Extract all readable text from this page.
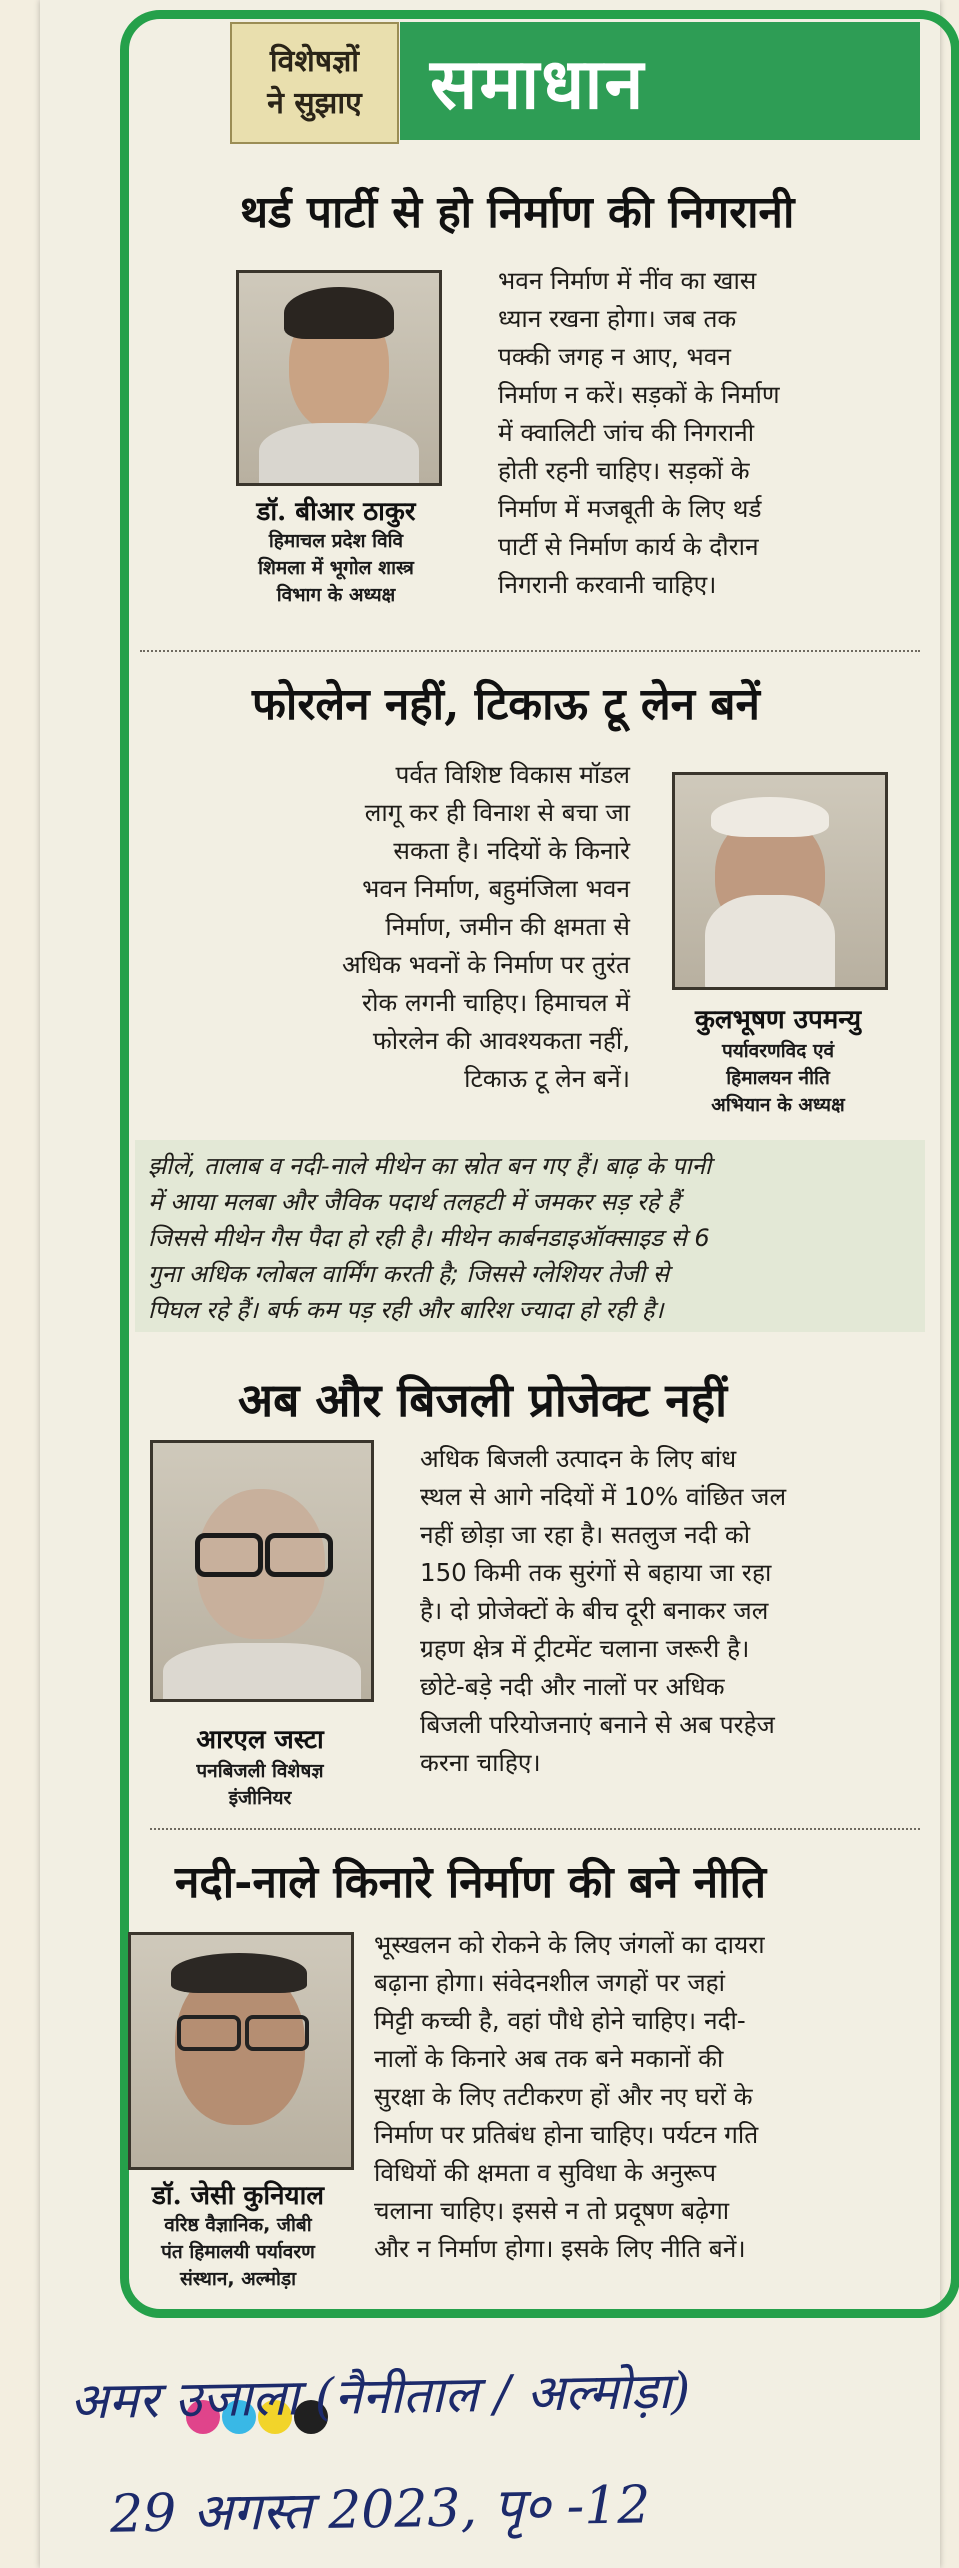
विशेषज्ञों
ने सुझाए समाधान
थर्ड पार्टी से हो निर्माण की निगरानी
डॉ. बीआर ठाकुर
हिमाचल प्रदेश विवि
शिमला में भूगोल शास्त्र
विभाग के अध्यक्ष
भवन निर्माण में नींव का खास
ध्यान रखना होगा। जब तक
पक्की जगह न आए, भवन
निर्माण न करें। सड़कों के निर्माण
में क्वालिटी जांच की निगरानी
होती रहनी चाहिए। सड़कों के
निर्माण में मजबूती के लिए थर्ड
पार्टी से निर्माण कार्य के दौरान
निगरानी करवानी चाहिए।
फोरलेन नहीं, टिकाऊ टू लेन बनें
पर्वत विशिष्ट विकास मॉडल
लागू कर ही विनाश से बचा जा
सकता है। नदियों के किनारे
भवन निर्माण, बहुमंजिला भवन
निर्माण, जमीन की क्षमता से
अधिक भवनों के निर्माण पर तुरंत
रोक लगनी चाहिए। हिमाचल में
फोरलेन की आवश्यकता नहीं,
टिकाऊ टू लेन बनें।
कुलभूषण उपमन्यु
पर्यावरणविद एवं
हिमालयन नीति
अभियान के अध्यक्ष
झीलें, तालाब व नदी-नाले मीथेन का स्रोत बन गए हैं। बाढ़ के पानी
में आया मलबा और जैविक पदार्थ तलहटी में जमकर सड़ रहे हैं
जिससे मीथेन गैस पैदा हो रही है। मीथेन कार्बनडाइऑक्साइड से 6
गुना अधिक ग्लोबल वार्मिंग करती है; जिससे ग्लेशियर तेजी से
पिघल रहे हैं। बर्फ कम पड़ रही और बारिश ज्यादा हो रही है।
अब और बिजली प्रोजेक्ट नहीं
आरएल जस्टा
पनबिजली विशेषज्ञ
इंजीनियर
अधिक बिजली उत्पादन के लिए बांध
स्थल से आगे नदियों में 10% वांछित जल
नहीं छोड़ा जा रहा है। सतलुज नदी को
150 किमी तक सुरंगों से बहाया जा रहा
है। दो प्रोजेक्टों के बीच दूरी बनाकर जल
ग्रहण क्षेत्र में ट्रीटमेंट चलाना जरूरी है।
छोटे-बड़े नदी और नालों पर अधिक
बिजली परियोजनाएं बनाने से अब परहेज
करना चाहिए।
नदी-नाले किनारे निर्माण की बने नीति
डॉ. जेसी कुनियाल
वरिष्ठ वैज्ञानिक, जीबी
पंत हिमालयी पर्यावरण
संस्थान, अल्मोड़ा
भूस्खलन को रोकने के लिए जंगलों का दायरा
बढ़ाना होगा। संवेदनशील जगहों पर जहां
मिट्टी कच्ची है, वहां पौधे होने चाहिए। नदी-
नालों के किनारे अब तक बने मकानों की
सुरक्षा के लिए तटीकरण हों और नए घरों के
निर्माण पर प्रतिबंध होना चाहिए। पर्यटन गति
विधियों की क्षमता व सुविधा के अनुरूप
चलाना चाहिए। इससे न तो प्रदूषण बढ़ेगा
और न निर्माण होगा। इसके लिए नीति बनें।
अमर उजाला (नैनीताल / अल्मोड़ा)
29 अगस्त 2023, पृ० -12
